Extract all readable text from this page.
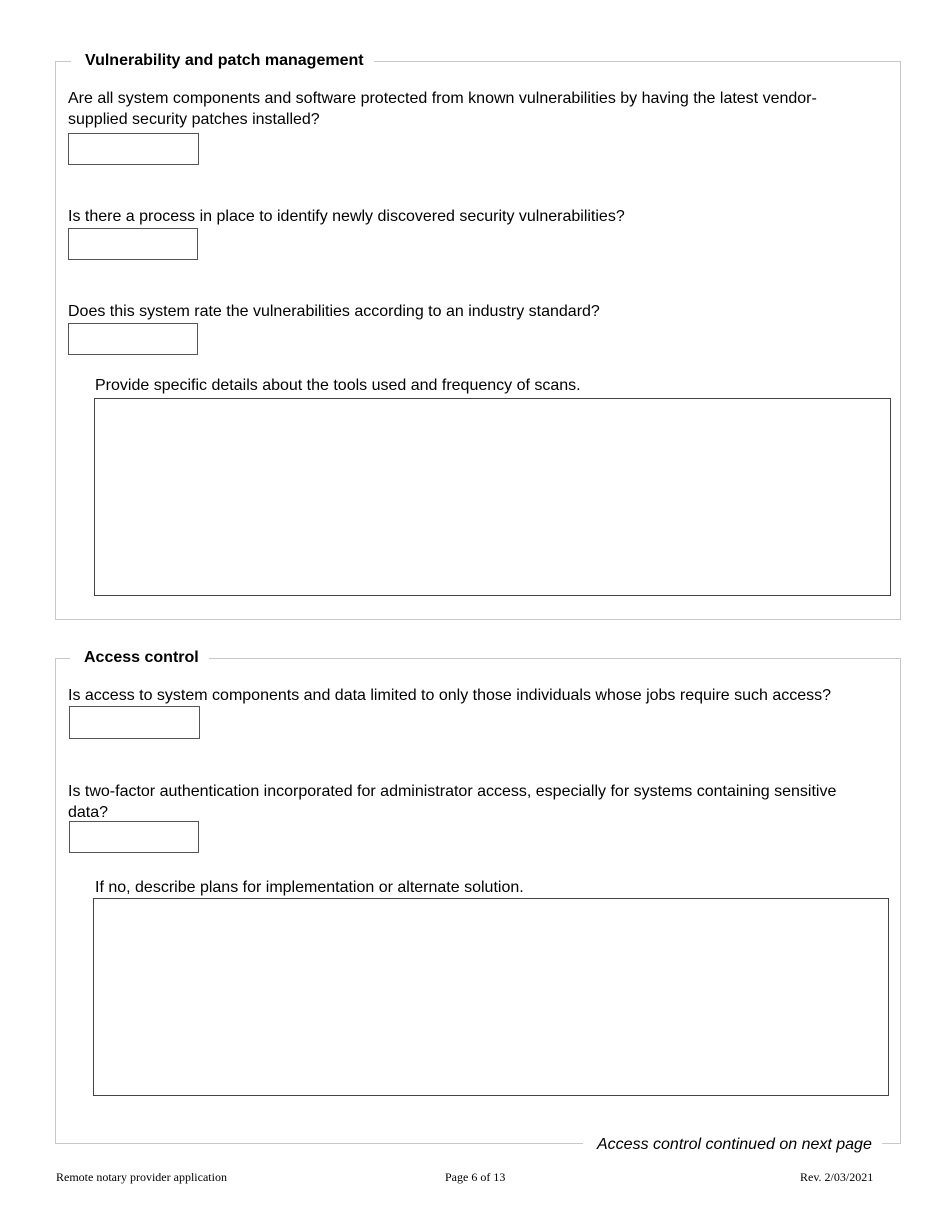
Vulnerability and patch management
Are all system components and software protected from known vulnerabilities by having the latest vendor-supplied security patches installed?
Is there a process in place to identify newly discovered security vulnerabilities?
Does this system rate the vulnerabilities according to an industry standard?
Provide specific details about the tools used and frequency of scans.
Access control
Is access to system components and data limited to only those individuals whose jobs require such access?
Is two-factor authentication incorporated for administrator access, especially for systems containing sensitive data?
If no, describe plans for implementation or alternate solution.
Access control continued on next page
Remote notary provider application	Page 6 of 13	Rev. 2/03/2021
